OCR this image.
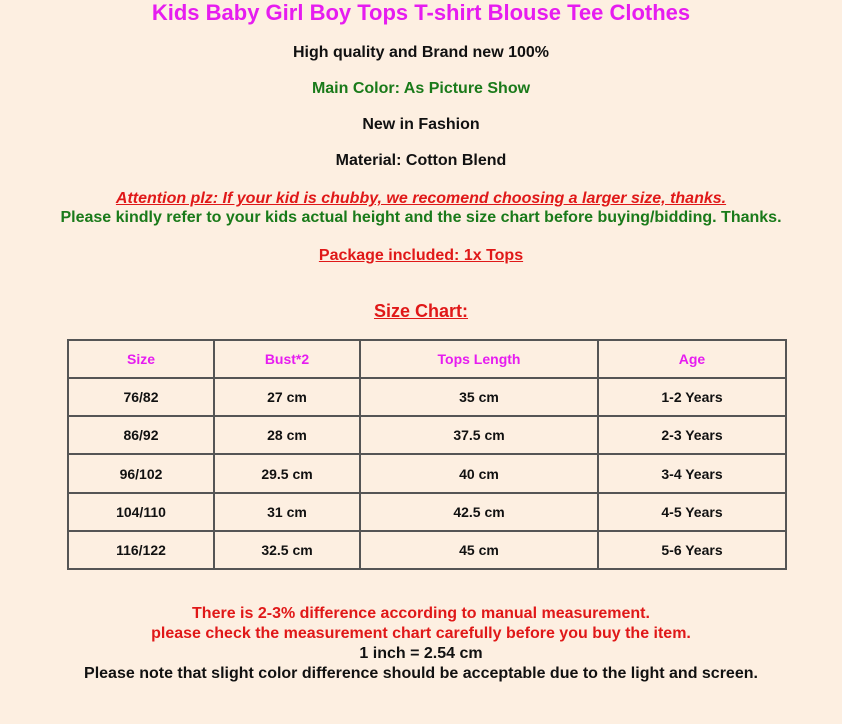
Kids Baby Girl Boy Tops T-shirt Blouse Tee Clothes
High quality and Brand new 100%
Main Color: As Picture Show
New in Fashion
Material: Cotton Blend
Attention plz: If your kid is chubby, we recomend choosing a larger size, thanks.
Please kindly refer to your kids actual height and the size chart before buying/bidding. Thanks.
Package included: 1x Tops
Size Chart:
Size	Bust*2	Tops Length	Age
76/82	27 cm	35 cm	1-2 Years
86/92	28 cm	37.5 cm	2-3 Years
96/102	29.5 cm	40 cm	3-4 Years
104/110	31 cm	42.5 cm	4-5 Years
116/122	32.5 cm	45 cm	5-6 Years
There is 2-3% difference according to manual measurement.
please check the measurement chart carefully before you buy the item.
1 inch = 2.54 cm
Please note that slight color difference should be acceptable due to the light and screen.
